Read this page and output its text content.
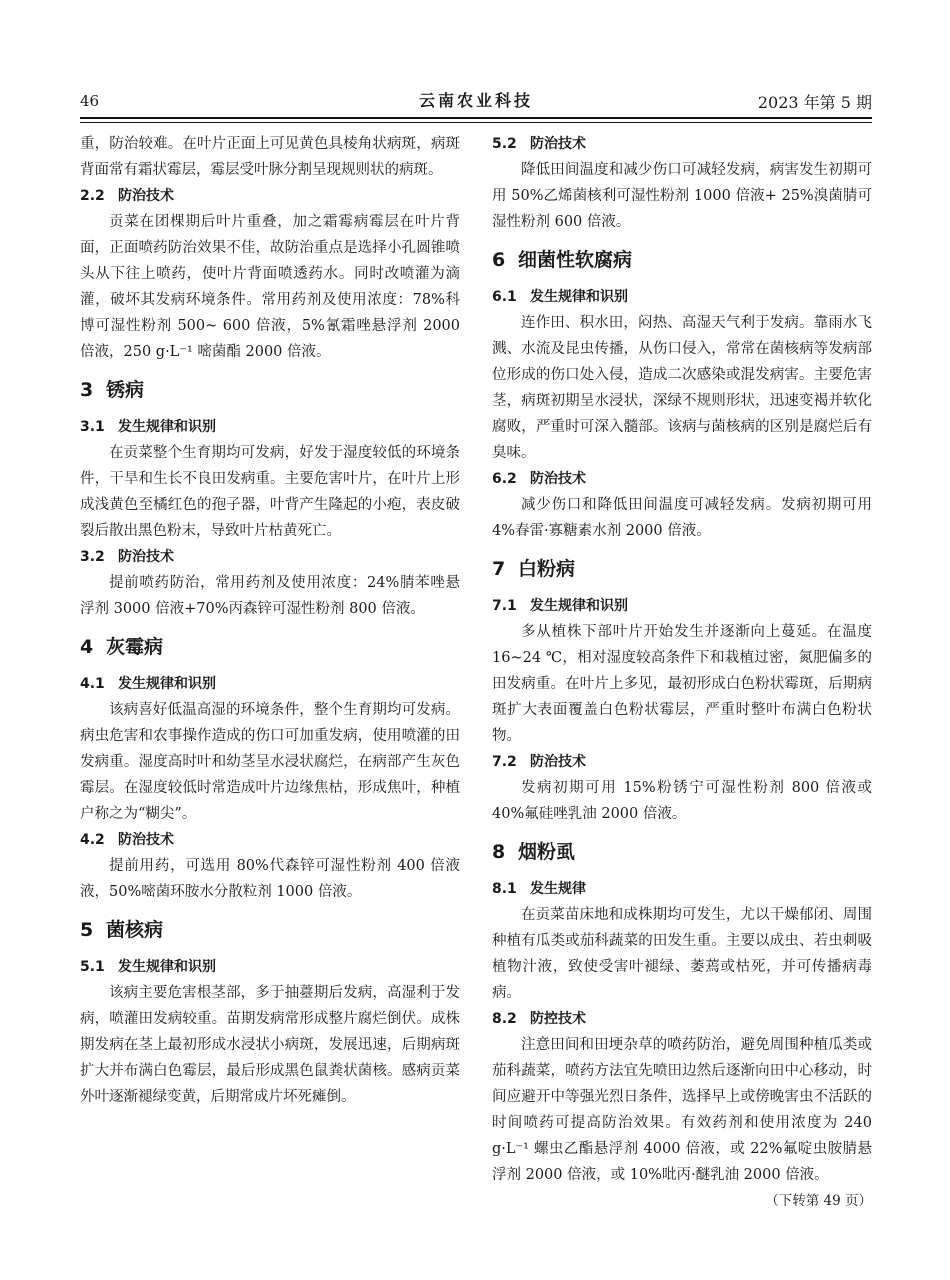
46	云南农业科技	2023 年第 5 期

重，防治较难。在叶片正面上可见黄色具棱角状病斑，病斑背面常有霜状霉层，霉层受叶脉分割呈现规则状的病斑。

2.2 防治技术

贡菜在团棵期后叶片重叠，加之霜霉病霉层在叶片背面，正面喷药防治效果不佳，故防治重点是选择小孔圆锥喷头从下往上喷药，使叶片背面喷透药水。同时改喷灌为滴灌，破坏其发病环境条件。常用药剂及使用浓度：78%科博可湿性粉剂 500~ 600 倍液，5%氰霜唑悬浮剂 2000 倍液，250 g·L⁻¹ 嘧菌酯 2000 倍液。

3 锈病
3.1 发生规律和识别

在贡菜整个生育期均可发病，好发于湿度较低的环境条件，干旱和生长不良田发病重。主要危害叶片，在叶片上形成浅黄色至橘红色的孢子器，叶背产生隆起的小疱，表皮破裂后散出黑色粉末，导致叶片枯黄死亡。

3.2 防治技术

提前喷药防治，常用药剂及使用浓度：24%腈苯唑悬浮剂 3000 倍液+70%丙森锌可湿性粉剂 800 倍液。

4 灰霉病
4.1 发生规律和识别

该病喜好低温高湿的环境条件，整个生育期均可发病。病虫危害和农事操作造成的伤口可加重发病，使用喷灌的田发病重。湿度高时叶和幼茎呈水浸状腐烂，在病部产生灰色霉层。在湿度较低时常造成叶片边缘焦枯，形成焦叶，种植户称之为“糊尖”。

4.2 防治技术

提前用药，可选用 80%代森锌可湿性粉剂 400 倍液液，50%嘧菌环胺水分散粒剂 1000 倍液。

5 菌核病
5.1 发生规律和识别

该病主要危害根茎部，多于抽薹期后发病，高湿利于发病，喷灌田发病较重。苗期发病常形成整片腐烂倒伏。成株期发病在茎上最初形成水浸状小病斑，发展迅速，后期病斑扩大并布满白色霉层，最后形成黑色鼠粪状菌核。感病贡菜外叶逐渐褪绿变黄，后期常成片坏死瘫倒。

5.2 防治技术

降低田间温度和减少伤口可减轻发病，病害发生初期可用 50%乙烯菌核利可湿性粉剂 1000 倍液+ 25%溴菌腈可湿性粉剂 600 倍液。

6 细菌性软腐病
6.1 发生规律和识别

连作田、积水田，闷热、高湿天气利于发病。靠雨水飞溅、水流及昆虫传播，从伤口侵入，常常在菌核病等发病部位形成的伤口处入侵，造成二次感染或混发病害。主要危害茎，病斑初期呈水浸状，深绿不规则形状，迅速变褐并软化腐败，严重时可深入髓部。该病与菌核病的区别是腐烂后有臭味。

6.2 防治技术

减少伤口和降低田间温度可减轻发病。发病初期可用 4%春雷·寡糖素水剂 2000 倍液。

7 白粉病
7.1 发生规律和识别

多从植株下部叶片开始发生并逐渐向上蔓延。在温度 16~24 ℃，相对湿度较高条件下和栽植过密，氮肥偏多的田发病重。在叶片上多见，最初形成白色粉状霉斑，后期病斑扩大表面覆盖白色粉状霉层，严重时整叶布满白色粉状物。

7.2 防治技术

发病初期可用 15%粉锈宁可湿性粉剂 800 倍液或 40%氟硅唑乳油 2000 倍液。

8 烟粉虱
8.1 发生规律

在贡菜苗床地和成株期均可发生，尤以干燥郁闭、周围种植有瓜类或茄科蔬菜的田发生重。主要以成虫、若虫刺吸植物汁液，致使受害叶褪绿、萎蔫或枯死，并可传播病毒病。

8.2 防控技术

注意田间和田埂杂草的喷药防治，避免周围种植瓜类或茄科蔬菜，喷药方法宜先喷田边然后逐渐向田中心移动，时间应避开中等强光烈日条件，选择早上或傍晚害虫不活跃的时间喷药可提高防治效果。有效药剂和使用浓度为 240 g·L⁻¹ 螺虫乙酯悬浮剂 4000 倍液，或 22%氟啶虫胺腈悬浮剂 2000 倍液，或 10%吡丙·醚乳油 2000 倍液。

（下转第 49 页）
